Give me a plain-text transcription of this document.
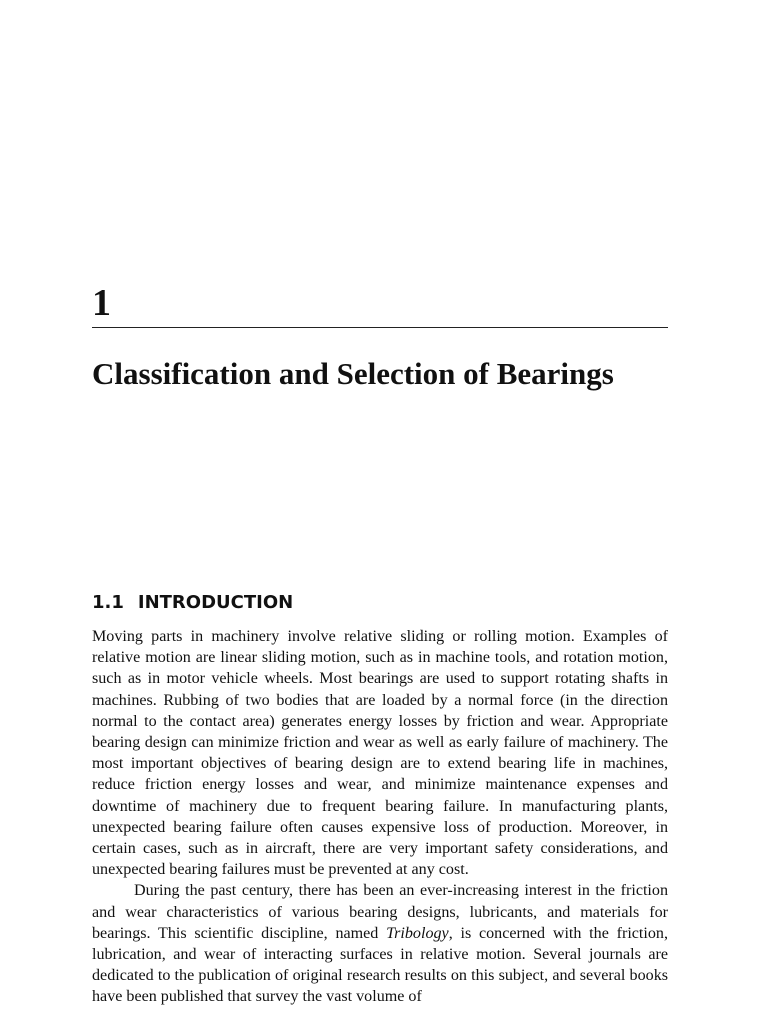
1
Classification and Selection of Bearings
1.1 INTRODUCTION

Moving parts in machinery involve relative sliding or rolling motion. Examples of relative motion are linear sliding motion, such as in machine tools, and rotation motion, such as in motor vehicle wheels. Most bearings are used to support rotating shafts in machines. Rubbing of two bodies that are loaded by a normal force (in the direction normal to the contact area) generates energy losses by friction and wear. Appropriate bearing design can minimize friction and wear as well as early failure of machinery. The most important objectives of bearing design are to extend bearing life in machines, reduce friction energy losses and wear, and minimize maintenance expenses and downtime of machinery due to frequent bearing failure. In manufacturing plants, unexpected bearing failure often causes expensive loss of production. Moreover, in certain cases, such as in aircraft, there are very important safety considerations, and unexpected bearing failures must be prevented at any cost.

During the past century, there has been an ever-increasing interest in the friction and wear characteristics of various bearing designs, lubricants, and materials for bearings. This scientific discipline, named Tribology, is concerned with the friction, lubrication, and wear of interacting surfaces in relative motion. Several journals are dedicated to the publication of original research results on this subject, and several books have been published that survey the vast volume of
